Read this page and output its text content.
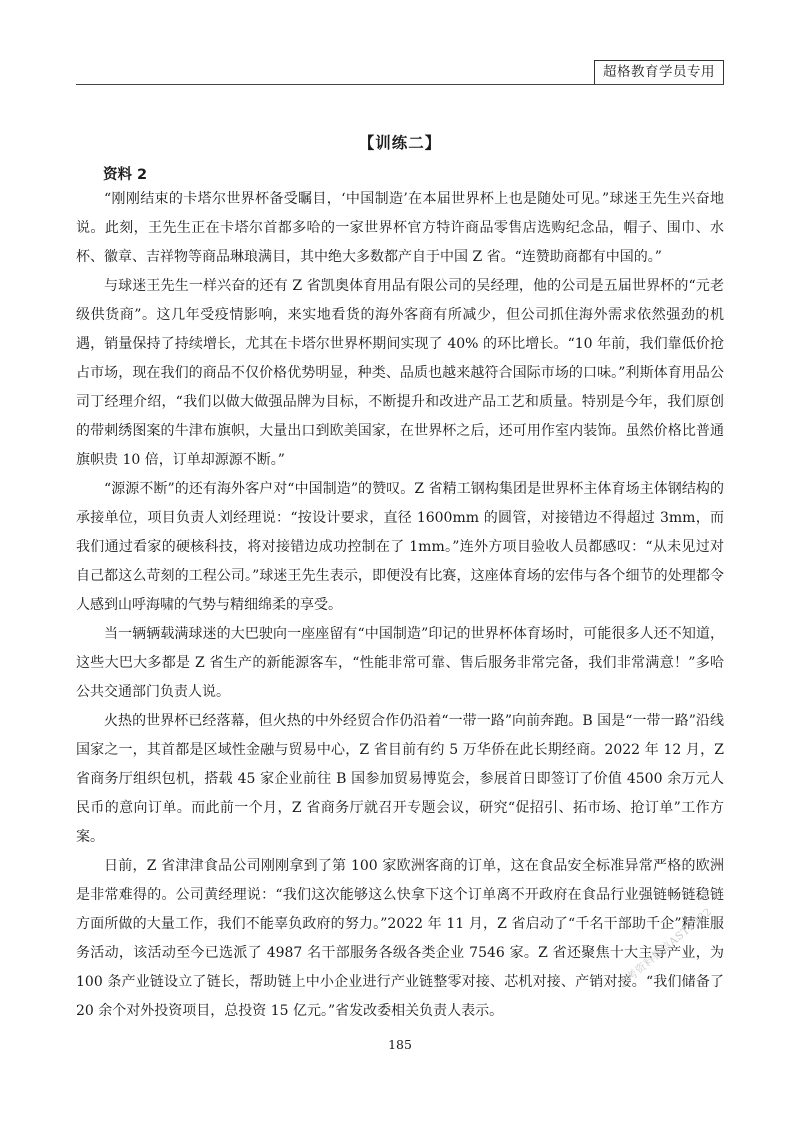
超格教育学员专用
【训练二】
资料 2

“刚刚结束的卡塔尔世界杯备受瞩目，‘中国制造’在本届世界杯上也是随处可见。”球迷王先生兴奋地说。此刻，王先生正在卡塔尔首都多哈的一家世界杯官方特许商品零售店选购纪念品，帽子、围巾、水杯、徽章、吉祥物等商品琳琅满目，其中绝大多数都产自于中国 Z 省。“连赞助商都有中国的。”

与球迷王先生一样兴奋的还有 Z 省凯奥体育用品有限公司的吴经理，他的公司是五届世界杯的“元老级供货商”。这几年受疫情影响，来实地看货的海外客商有所减少，但公司抓住海外需求依然强劲的机遇，销量保持了持续增长，尤其在卡塔尔世界杯期间实现了 40% 的环比增长。“10 年前，我们靠低价抢占市场，现在我们的商品不仅价格优势明显，种类、品质也越来越符合国际市场的口味。”利斯体育用品公司丁经理介绍，“我们以做大做强品牌为目标，不断提升和改进产品工艺和质量。特别是今年，我们原创的带刺绣图案的牛津布旗帜，大量出口到欧美国家，在世界杯之后，还可用作室内装饰。虽然价格比普通旗帜贵 10 倍，订单却源源不断。”

“源源不断”的还有海外客户对“中国制造”的赞叹。Z 省精工钢构集团是世界杯主体育场主体钢结构的承接单位，项目负责人刘经理说：“按设计要求，直径 1600mm 的圆管，对接错边不得超过 3mm，而我们通过看家的硬核科技，将对接错边成功控制在了 1mm。”连外方项目验收人员都感叹：“从未见过对自己都这么苛刻的工程公司。”球迷王先生表示，即便没有比赛，这座体育场的宏伟与各个细节的处理都令人感到山呼海啸的气势与精细绵柔的享受。

当一辆辆载满球迷的大巴驶向一座座留有“中国制造”印记的世界杯体育场时，可能很多人还不知道，这些大巴大多都是 Z 省生产的新能源客车，“性能非常可靠、售后服务非常完备，我们非常满意！”多哈公共交通部门负责人说。

火热的世界杯已经落幕，但火热的中外经贸合作仍沿着“一带一路”向前奔跑。B 国是“一带一路”沿线国家之一，其首都是区域性金融与贸易中心，Z 省目前有约 5 万华侨在此长期经商。2022 年 12 月，Z 省商务厅组织包机，搭载 45 家企业前往 B 国参加贸易博览会，参展首日即签订了价值 4500 余万元人民币的意向订单。而此前一个月，Z 省商务厅就召开专题会议，研究“促招引、拓市场、抢订单”工作方案。

日前，Z 省津津食品公司刚刚拿到了第 100 家欧洲客商的订单，这在食品安全标准异常严格的欧洲是非常难得的。公司黄经理说：“我们这次能够这么快拿下这个订单离不开政府在食品行业强链畅链稳链方面所做的大量工作，我们不能辜负政府的努力。”2022 年 11 月，Z 省启动了“千名干部助千企”精准服务活动，该活动至今已选派了 4987 名干部服务各级各类企业 7546 家。Z 省还聚焦十大主导产业，为 100 条产业链设立了链长，帮助链上中小企业进行产业链整零对接、芯机对接、产销对接。“我们储备了 20 余个对外投资项目，总投资 15 亿元。”省发改委相关负责人表示。

公考资料微信AST2982
185
